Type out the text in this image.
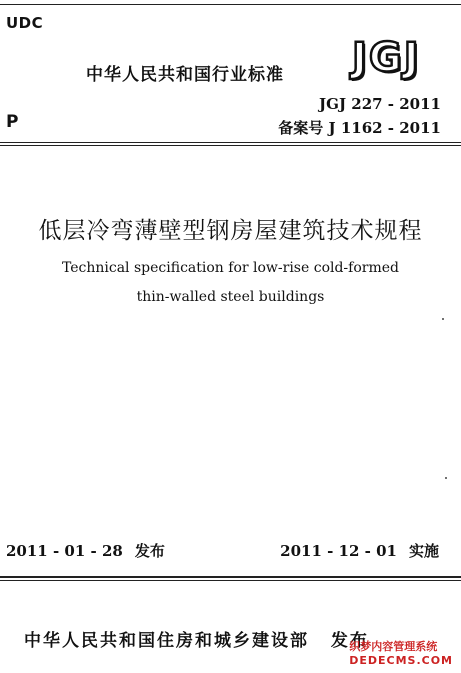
UDC
中华人民共和国行业标准 JGJ
P
JGJ 227 - 2011
备案号 J 1162 - 2011
低层冷弯薄壁型钢房屋建筑技术规程
Technical specification for low-rise cold-formed
thin-walled steel buildings
2011 - 01 - 28 发布	2011 - 12 - 01 实施
中华人民共和国住房和城乡建设部 发布
织梦内容管理系统
DEDECMS.COM
